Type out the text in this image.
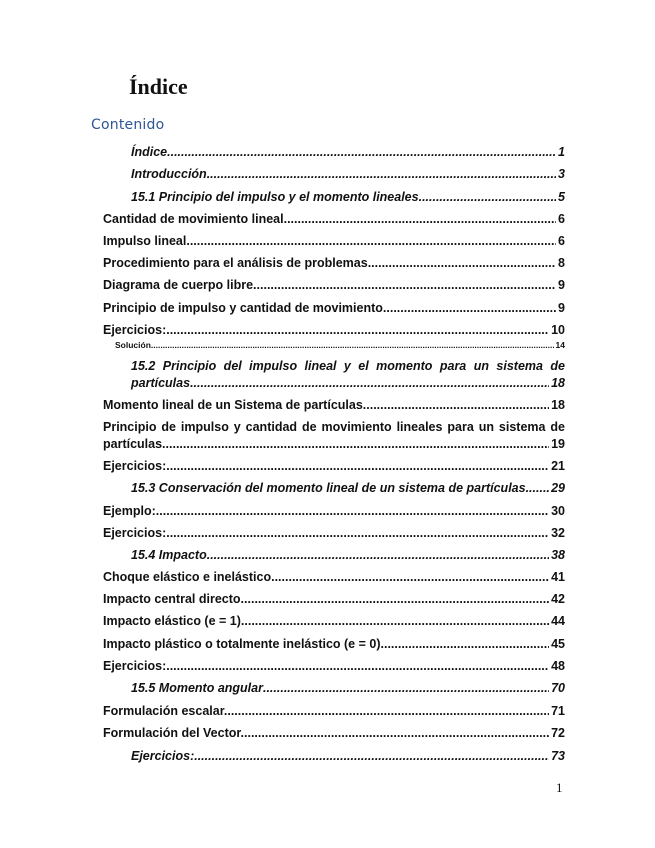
Índice
Contenido
Índice .....	1
Introducción .....	3
15.1 Principio del impulso y el momento lineales .....	5
Cantidad de movimiento lineal .....	6
Impulso lineal .....	6
Procedimiento para el análisis de problemas .....	8
Diagrama de cuerpo libre. .....	9
Principio de impulso y cantidad de movimiento. .....	9
Ejercicios: .....	10
Solución .....	14
15.2 Principio del impulso lineal y el momento para un sistema de
partículas .....	18
Momento lineal de un Sistema de partículas. .....	18
Principio de impulso y cantidad de movimiento lineales para un sistema de
partículas. .....	19
Ejercicios: .....	21
15.3 Conservación del momento lineal de un sistema de partículas ..... 29
Ejemplo: .....	30
Ejercicios: .....	32
15.4 Impacto .....	38
Choque elástico e inelástico .....	41
Impacto central directo .....	42
Impacto elástico (e = 1) .....	44
Impacto plástico o totalmente inelástico (e = 0) .....	45
Ejercicios: .....	48
15.5 Momento angular .....	70
Formulación escalar. .....	71
Formulación del Vector. .....	72
Ejercicios: .....	73
1
